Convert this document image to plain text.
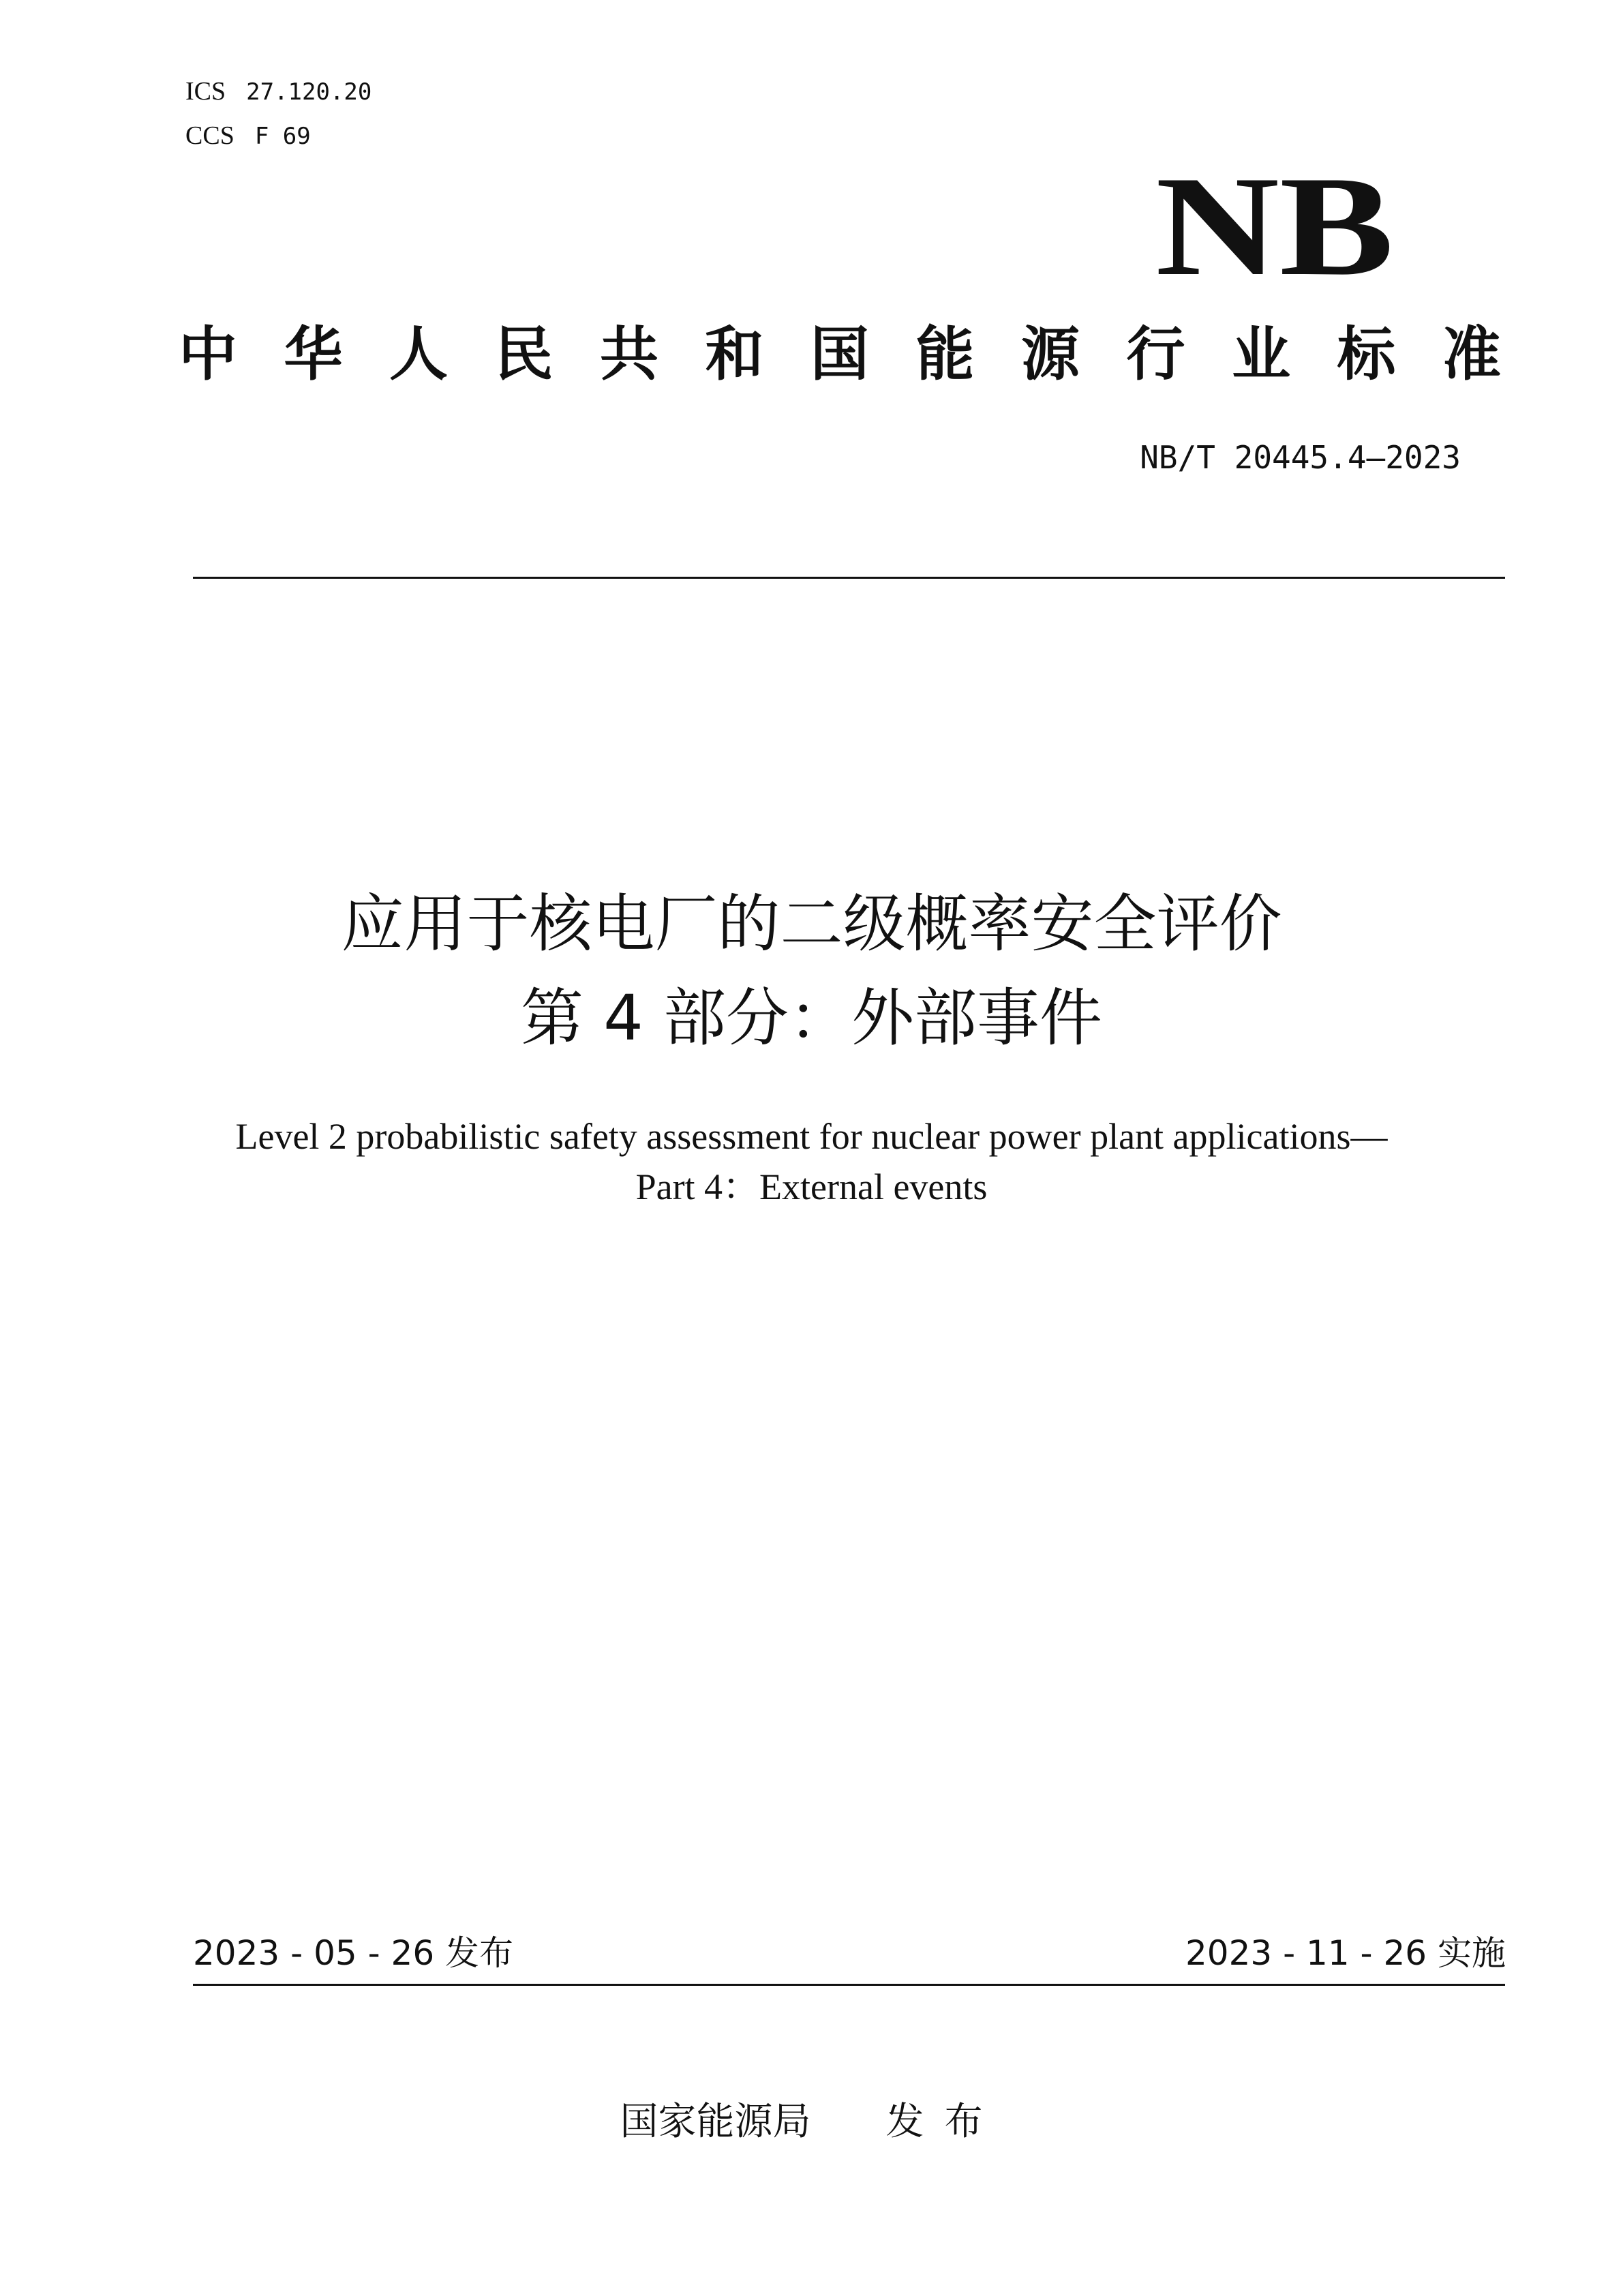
ICS 27.120.20
CCS F 69
NB
中 华 人 民 共 和 国 能 源 行 业 标 准
NB/T 20445.4—2023
应用于核电厂的二级概率安全评价
第 4 部分：外部事件
Level 2 probabilistic safety assessment for nuclear power plant applications—
Part 4：External events
2023 - 05 - 26 发布	2023 - 11 - 26 实施
国家能源局 发布
